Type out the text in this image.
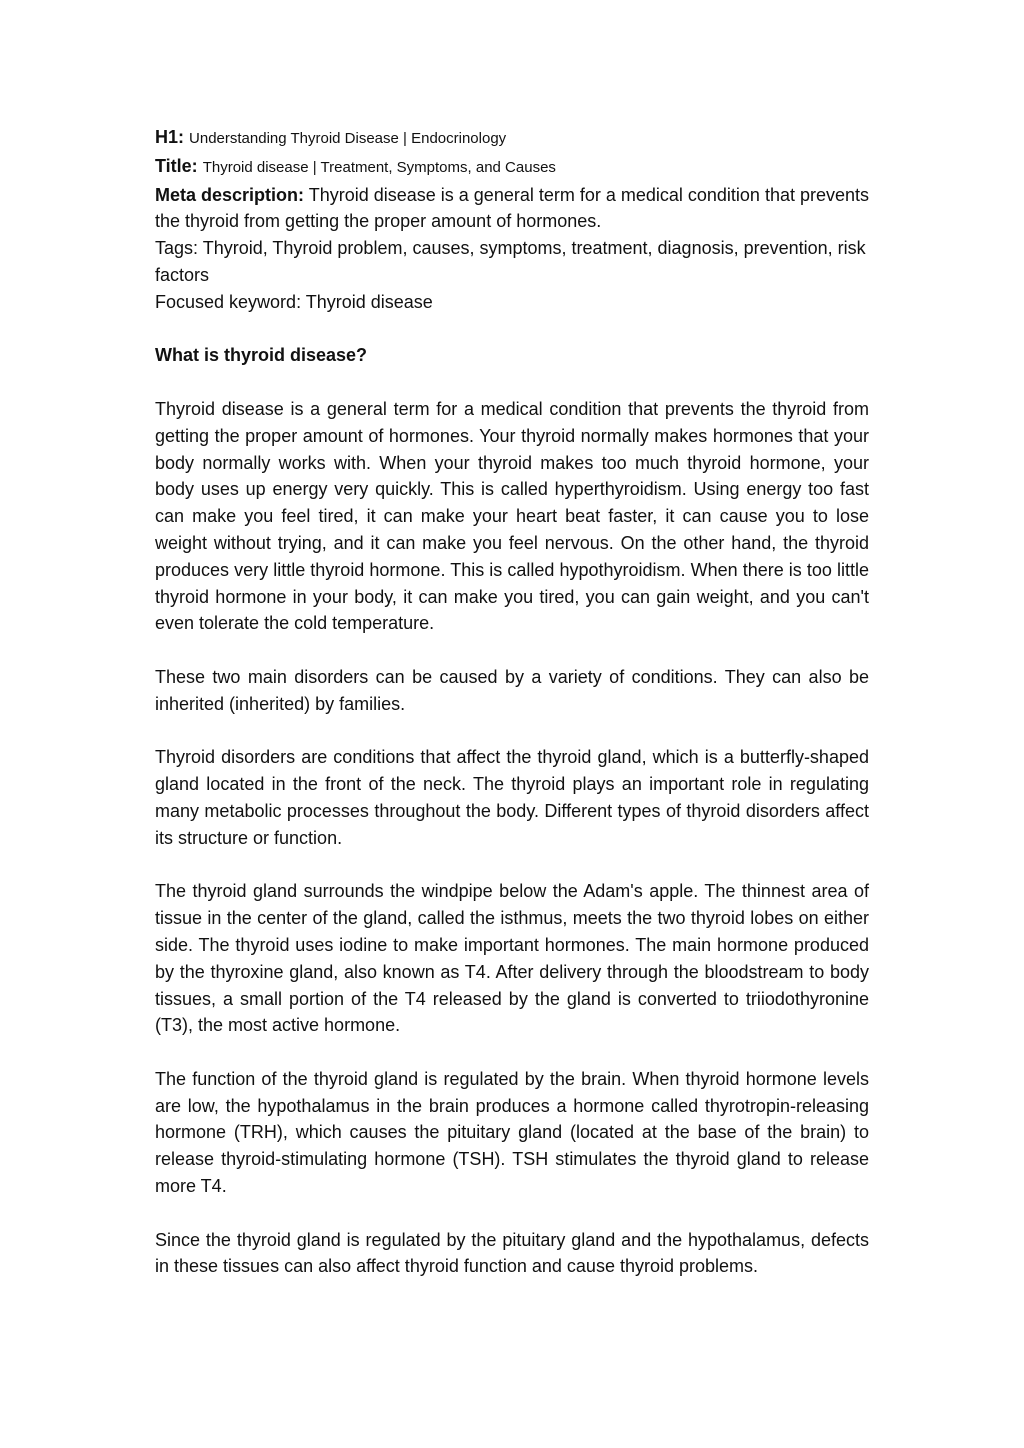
H1: Understanding Thyroid Disease | Endocrinology

Title: Thyroid disease | Treatment, Symptoms, and Causes

Meta description: Thyroid disease is a general term for a medical condition that prevents the thyroid from getting the proper amount of hormones.

Tags: Thyroid, Thyroid problem, causes, symptoms, treatment, diagnosis, prevention, risk factors

Focused keyword: Thyroid disease

What is thyroid disease?

Thyroid disease is a general term for a medical condition that prevents the thyroid from getting the proper amount of hormones. Your thyroid normally makes hormones that your body normally works with. When your thyroid makes too much thyroid hormone, your body uses up energy very quickly. This is called hyperthyroidism. Using energy too fast can make you feel tired, it can make your heart beat faster, it can cause you to lose weight without trying, and it can make you feel nervous. On the other hand, the thyroid produces very little thyroid hormone. This is called hypothyroidism. When there is too little thyroid hormone in your body, it can make you tired, you can gain weight, and you can't even tolerate the cold temperature.

These two main disorders can be caused by a variety of conditions. They can also be inherited (inherited) by families.

Thyroid disorders are conditions that affect the thyroid gland, which is a butterfly-shaped gland located in the front of the neck. The thyroid plays an important role in regulating many metabolic processes throughout the body. Different types of thyroid disorders affect its structure or function.

The thyroid gland surrounds the windpipe below the Adam's apple. The thinnest area of tissue in the center of the gland, called the isthmus, meets the two thyroid lobes on either side. The thyroid uses iodine to make important hormones. The main hormone produced by the thyroxine gland, also known as T4. After delivery through the bloodstream to body tissues, a small portion of the T4 released by the gland is converted to triiodothyronine (T3), the most active hormone.

The function of the thyroid gland is regulated by the brain. When thyroid hormone levels are low, the hypothalamus in the brain produces a hormone called thyrotropin-releasing hormone (TRH), which causes the pituitary gland (located at the base of the brain) to release thyroid-stimulating hormone (TSH). TSH stimulates the thyroid gland to release more T4.

Since the thyroid gland is regulated by the pituitary gland and the hypothalamus, defects in these tissues can also affect thyroid function and cause thyroid problems.
